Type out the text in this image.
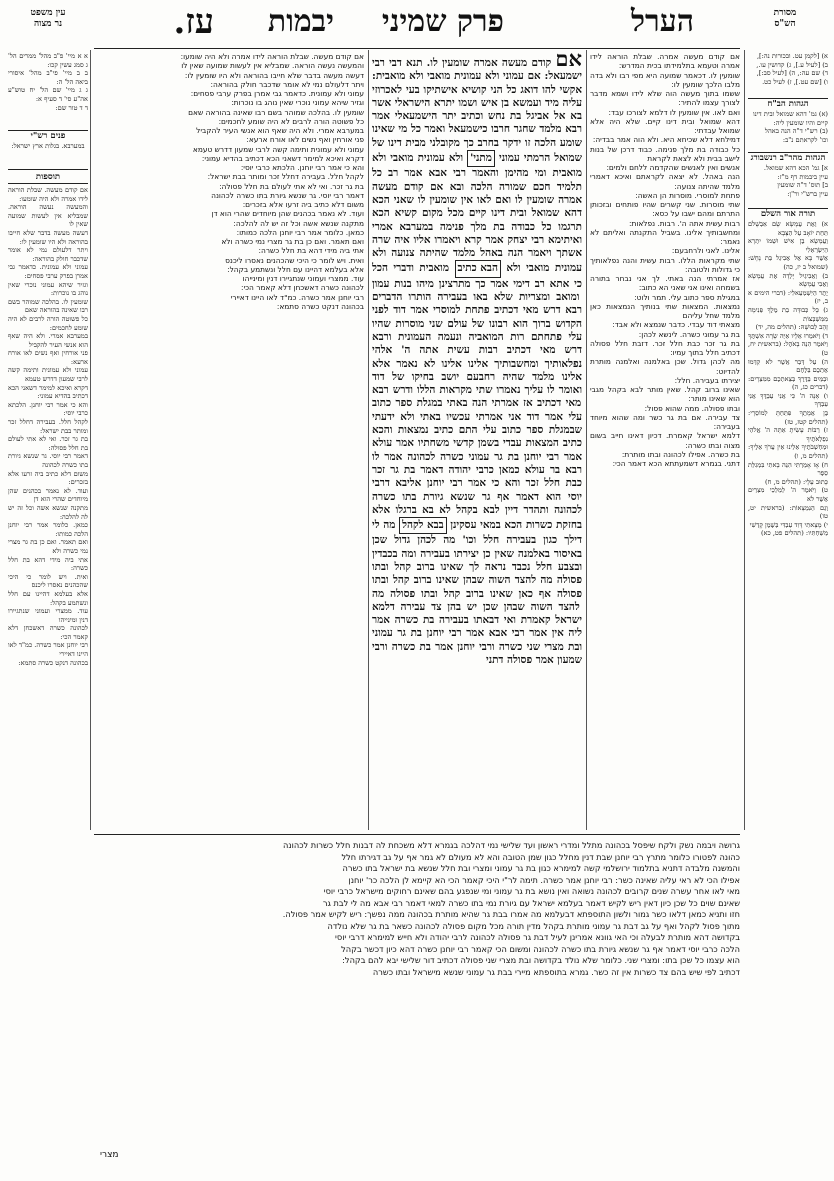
מסורת
הש"ס
הערל
פרק שמיני
יבמות
עז.
עין משפט
נר מצוה
א א מיי' פ"ב מהל' ממרים הל' ג סמג עשין קכו:
ב ב מיי' פי"ב מהל' איסורי ביאה הל' ה:
ג ג מיי' שם הל' יח טוש"ע אה"ע סי' ד סעיף א:
ד ד טור שם:
פנים רש"י
במערבא. בגלות ארץ ישראל:
תוספות
אם קודם מעשה. שבלת הוראה לידו אמרה ולא היה שומעו:
והמעשה נעשה הוראה. שמבליא אין לעשות שמועה שאין לו
דעשה מעשה בדבר שלא חייבו בהוראה ולא היו שומעין לו:
ויתר דלעולם נמי לא אומר שדכבר חולק בהוראה:
עמוני ולא עמונית. כדאמר גבי אמרן בפרק ערבי פסחים:
וגזיר שיהא עמוני נוכרי שאין נוהג בו נוכרות:
שומעין לו. בהלכה שמוהר בשם רבו שאינה בהוראה שאם
כל פשוטה הורה לרבים לא היה שומע לחכמים:
במערבא אמרי. ולא היה שאף הוא אנשי העיר להקביל
פני אורחין ואף נשים לאו אורח ארעא:
עמוני ולא עמונית ותימה קשה לרבי שמעון דדרש טעמא
דקרא ואיכא למימר דשאני הכא דכתיב בהדיא עמוני:
והא כי אמר רבי יוחנן. הלכתא כרבי יוסי:
לקהל חלל. בעבירה דחלל זכר ומותר בבת ישראל:
בת גר זכר. ואי לא אתי לעולם בת חלל פסולה:
דאמר רבי יוסי. גר שנשא גיורת בתו כשרה לכהונה
משום דלא כתיב ביה זרעו אלא בזכרים:
ועוד. לא נאמר בכהנים שהן מיוחדים שהרי הוא דן
מתקנה שנשא אשה וכל זה יש לה להלכה:
כמאן. כלומר אמר רבי יוחנן הלכה כמותו:
ואם תאמר. ואם כן בת גר מצרי נמי כשרה ולא
אתי ביה מידי דהא בת חלל כשרה:
ואית. ויש לומר כי היכי שהכהנים נאסרו ליכנס
אלא בעלמא דהיינו עם חלל ונשתמע בקהל:
עוד. ממצרי ועמוני שנתגיירו דנין ומינייהו
לכהונה כשרה דאשכחן דלא קאמר הכי:
רבי יוחנן אמר כשרה. כמ"ד לאו היינו דאיירי
בכהונה דנקט כשרה סתמא:
אם קודם מעשה. שבלת הוראה לידו אמרה ולא היה שומעו:
והמעשה נעשה הוראה. שמבליא אין לעשות שמועה שאין לו
דעשה מעשה בדבר שלא חייבו בהוראה ולא היו שומעין לו:
ויתר דלעולם נמי לא אומר שדכבר חולק בהוראה:
עמוני ולא עמונית. כדאמר גבי אמרן בפרק ערבי פסחים:
וגזיר שיהא עמוני נוכרי שאין נוהג בו נוכרות:
שומעין לו. בהלכה שמוהר בשם רבו שאינה בהוראה שאם
כל פשוטה הורה לרבים לא היה שומע לחכמים:
במערבא אמרי. ולא היה שאף הוא אנשי העיר להקביל
פני אורחין ואף נשים לאו אורח ארעא:
עמוני ולא עמונית ותימה קשה לרבי שמעון דדרש טעמא
דקרא ואיכא למימר דשאני הכא דכתיב בהדיא עמוני:
והא כי אמר רבי יוחנן. הלכתא כרבי יוסי:
לקהל חלל. בעבירה דחלל זכר ומותר בבת ישראל:
בת גר זכר. ואי לא אתי לעולם בת חלל פסולה:
דאמר רבי יוסי. גר שנשא גיורת בתו כשרה לכהונה
משום דלא כתיב ביה זרעו אלא בזכרים:
ועוד. לא נאמר בכהנים שהן מיוחדים שהרי הוא דן
מתקנה שנשא אשה וכל זה יש לה להלכה:
כמאן. כלומר אמר רבי יוחנן הלכה כמותו:
ואם תאמר. ואם כן בת גר מצרי נמי כשרה ולא
אתי ביה מידי דהא בת חלל כשרה:
ואית. ויש לומר כי היכי שהכהנים נאסרו ליכנס
אלא בעלמא דהיינו עם חלל ונשתמע בקהל:
עוד. ממצרי ועמוני שנתגיירו דנין ומינייהו
לכהונה כשרה דאשכחן דלא קאמר הכי:
רבי יוחנן אמר כשרה. כמ"ד לאו היינו דאיירי
בכהונה דנקט כשרה סתמא:
אם קודם מעשה אמרה. שבלת הוראה לידו אמרה וטעמא בתלמידתו בכית המדרש:
שומעין לו. דכאמר שמועה היא מפי רבו ולא בדה מלבו הלכך שומעין לו:
ששמו בתוך מעשה הוה שלא לידו ושמא מדבר לצורך עצמו להתיר:
ואם לאו. אין שומעין לו דלמא לצורכו עבד:
דהא שמואל ובית דינו קיים. שלא היה אלא שמואל עבדתי:
דמילחא דלא שכיחא היא. ולא הוה אמר בבדיה:
כל כבודה בת מלך פנימה. כבוד דרכן של בנות לישב בבית ולא לצאת לקראת
אנשים ואין לאנשים שהקדמה ללחם ולמים:
הנה באהל. לא יצאה לקראתם ואיכא דאמרי מלמד שהיתה צנועה:
פתחת למוסרי. מוסרות הן האשה:
שתי מוסרות. שני קשרים שהיו פותחים ובזכותן התרתם ומהם ישבו על כסא:
רבות עשית אתה ה'. רבות. נפלאות:
ומחשבותיך אלינו. בשביל התקנתה ואליתם לא נאמר:
אלינו. לאני ולרחבעם:
שתי מקראות הללו. רבות עשית והנה נפלאותיך כי גדולות ולטובה:
אז אמרתי הנה באתי. לך אני נבחר בתורה בשמחה ואינו אני שאני הא כתוב:
במגילת ספר כתוב עלי. תמר ולוט:
נמצאות. המצאות שתי בנותיך הנמצאות כאן מלמד שחל עליהם
מצאתי דוד עבדי. כדבר שנמצא ולא אבד:
בת גר עמוני כשרה. לינשא לכהן:
בת גר זכר כבת חלל זכר. דזבת חלל פסולה דכתיב חלל בתוך עמיו:
מה לכהן גדול. שכן באלמנה ואלמנה מותרת להדיוט:
יצירתו בעבירה. חלל:
שאינו ברוב קהל. שאין מותר לבא בקהל מגבי הוא שאינו מותר:
ובתו פסולה. ממה שהוא פסול:
צד עבירה. אם בת גר כשר ומה שהוא מיוחד בעבירה:
דלמא ישראל קאמרת. דכיון דאינו חייב בשום מצוה ובתו כשרה:
בת כשרה. אפילו לכהונה ובתו מותרת:
דתני. בגמרא דשמעתתא הכא דאמר הכי:
אם קודם מעשה אמרה שומעין לו. תנא דבי רבי ישמעאל: אם עמוני ולא עמונית מואבי ולא מואבית: אקשי להו דואג כל הני קושיא אישתיקו בעי לאכרוזי עליה מיד ועמשא בן איש ושמו יתרא הישראלי אשר בא אל אביגל בת נחש וכתיב יתר הישמעאלי אמר רבא מלמד שחגר חרבו כישמעאל ואמר כל מי שאינו שומע הלכה זו ידקר בחרב כך מקובלני מבית דינו של שמואל הרמתי עמוני מתני' ולא עמונית מואבי ולא מואבית ומי מהימן והאמר רבי אבא אמר רב כל תלמיד חכם שמורה הלכה ובא אם קודם מעשה אמרה שומעין לו ואם לאו אין שומעין לו שאני הכא דהא שמואל ובית דינו קיים מכל מקום קשיא הכא תרגמו כל כבודה בת מלך פנימה במערבא אמרי ואיתימא רבי יצחק אמר קרא ויאמרו אליו איה שרה אשתך ויאמר הנה באהל מלמד שהיתה צנועה ולא עמונית מואבי ולא הבא כתיב מואבית ודברי הכל כי אתא רב דימי אמר כך מתרצינן מיהו בנות עמון ומואב ומצריות שלא באו בעבירה הותרו הדברים רבא דרש מאי דכתיב פתחת למוסרי אמר דוד לפני הקדוש ברוך הוא רבונו של עולם שני מוסרות שהיו עלי פתחתם רות המואביה ונעמה העמונית ורבא דרש מאי דכתיב רבות עשית אתה ה' אלהי נפלאותיך ומחשבותיך אלינו אלינו לא נאמר אלא אלינו מלמד שהיה רחבעם יושב בחיקו של דוד ואומר לו עליך נאמרו שתי מקראות הללו ודרש רבא מאי דכתיב אז אמרתי הנה באתי במגלת ספר כתוב עלי אמר דוד אני אמרתי עכשיו באתי ולא ידעתי שבמגלת ספר כתוב עלי התם כתיב נמצאות והכא כתיב המצאות עבדי בשמן קדשי משחתיו אמר עולא אמר רבי יוחנן בת גר עמוני כשרה לכהונה אמר לו רבא בר עולא כמאן כרבי יהודה דאמר בת גר זכר כבת חלל זכר והא כי אמר רבי יוחנן אליבא דרבי יוסי הוא דאמר אף גר שנשא גיורת בתו כשרה לכהונה ותהדר דיין לבא בקהל לא בא ברגלו אלא בחזקת כשרות הכא במאי עסקינן בבא לקהל מה לי דילך כגון בעבירה חלל וכו' מה לכהן גדול שכן באיסור באלמנה שאין כן יצירתו בעבירה ומה בכבדין ובצבע חלל נכבד נראה לך שאינו ברוב קהל ובתו פסולה מה להצד השוה שבהן שאינו ברוב קהל ובתו פסולה אף כאן שאינו ברוב קהל ובתו פסולה מה להצד השוה שבהן שכן יש בהן צד עבירה דלמא ישראל קאמרת ואי דבאתו בעבירה בת כשרה אמר ליה אין אמר רבי אבא אמר רבי יוחנן בת גר עמוני ובת מצרי שני כשרה ורבי יוחנן אמר בת כשרה ורבי שמעון אמר פסולה דתני
א) [לקמן עט. ובכורות נה:],
ב) [לעיל ע.], ג) קדושין עו.,
ד) שם עה:, ה) [לעיל סב:],
ו) [שם עט.], ז) לעיל כט.
הגהות הב"ח
(א) גמ' דהא שמואל ובית דינו
קיים והיו שומעין ליה:
(ב) רש"י ד"ה הנה באהל
וכו' לקראתם נ"ב:
הגהות מהר"ב רנשבורג
א] גמ' הכא דהא שמואל.
עיין ביבמות דף מ"ז:
ב] תוס' ד"ה שומעין
עיין ברש"י ור"ן:
תורה אור השלם
א) וְאֶת עֲמָשָׂא שָׂם אַבְשָׁלֹם תַּחַת יוֹאָב עַל הַצָּבָא
וַעֲמָשָׂא בֶן אִישׁ וּשְׁמוֹ יִתְרָא הַיִּשְׂרְאֵלִי
אֲשֶׁר בָּא אֶל אֲבִיגַל בַּת נָחָשׁ: (שמואל ב יז, כה)
ב) וַאֲבִיגַיִל יָלְדָה אֶת עֲמָשָׂא וַאֲבִי עֲמָשָׂא
יֶתֶר הַיִּשְׁמְעֵאלִי: (דברי הימים א ב, יז)
ג) כָּל כְּבוּדָּה בַת מֶלֶךְ פְּנִימָה מִמִּשְׁבְּצוֹת
זָהָב לְבוּשָׁהּ: (תהלים מה, יד)
ד) וַיֹּאמְרוּ אֵלָיו אַיֵּה שָׂרָה אִשְׁתֶּךָ
וַיֹּאמֶר הִנֵּה בָאֹהֶל: (בראשית יח, ט)
ה) עַל דְּבַר אֲשֶׁר לֹא קִדְּמוּ אֶתְכֶם בַּלֶּחֶם
וּבַמַּיִם בַּדֶּרֶךְ בְּצֵאתְכֶם מִמִּצְרָיִם: (דברים כג, ה)
ו) אָנָּה ה' כִּי אֲנִי עַבְדֶּךָ אֲנִי עַבְדְּךָ
בֶּן אֲמָתֶךָ פִּתַּחְתָּ לְמוֹסֵרָי: (תהלים קטז, טז)
ז) רַבּוֹת עָשִׂיתָ אַתָּה ה' אֱלֹהַי נִפְלְאֹתֶיךָ
וּמַחְשְׁבֹתֶיךָ אֵלֵינוּ אֵין עֲרֹךְ אֵלֶיךָ: (תהלים מ, ו)
ח) אָז אָמַרְתִּי הִנֵּה בָאתִי בִּמְגִלַּת סֵפֶר
כָּתוּב עָלָי: (תהלים מ, ח)
ט) וַיֹּאמֶר ה' לְמַלְכֵי מִצְרַיִם אֲשֶׁר לֹא
וְגַם הַנִּמְצָאוֹת: (בראשית יט, טו)
י) מָצָאתִי דָּוִד עַבְדִּי בְּשֶׁמֶן קָדְשִׁי
מְשַׁחְתִּיו: (תהלים פט, כא)
גרושה ויבמה נשק ולקח שיפסל בכהונה מתלל ומדרי ראשון ועד שלישי נמי דהלכה בגמרא דלא משכחת לה דבנות חלל כשרות לכהונה
כהונה לפטורו כלומר מתרץ רבי יוחנן שבת דנין מחלל כגון שמן הטובה והא לא מעולם לא גמר אף על גב דגירתו חלל
והמשנה מלבדה דתניא בתלמוד ירושלמי קשה למימרא כגון בת גר עמוני ומצרי ובת חלל שנשא בת ישראל בתו כשרה
אפילו הכי לא ראי עליה שאינה כשר: רבי יוחנן אמר כשרה. תימה לר"י היכי קאמר הכי הא קיימא לן הלכה כר' יוחנן
מאי לאו אחר עשרה שנים קרובים לכהונה נשואה ואין נושא בת גר עמוני ומי שנפגע בהם שאינם רחוקים מישראל כרבי יוסי
שאינם שוים כל שכן כיון דאין ריש לקיש דאמר בעלמא ישראל עם גיורת נמי בתו כשרה למאי דאמר רבי אבא מה לי לבת גר
חזו ותניא כמאן דלאו כשר גמור ולשון התוספתא דבעלמא מה אמרו בבת גר שהיא מותרת בכהונה ממה נפשך: ריש לקיש אמר פסולה.
מתוך פסול לקהל ואף על גב דבת גר עמוני מותרת בקהל מדין תורה מכל מקום פסולה לכהונה כשאר בת גר שלא נולדה
בקדושה דהא מותרת לבעלה וכי האי גוונא אמרינן לעיל דבת גר פסולה לכהונה לרבי יהודה ולא חייש למימרא דרבי יוסי
הלכה כרבי יוסי דאמר אף גר שנשא גיורת בתו כשרה לכהונה ומשום הכי קאמר רבי יוחנן כשרה דהא כיון דכשר בקהל
הוא עצמו כל שכן בתו: ומצרי שני. כלומר שלא נולד בקדושה ובת מצרי שני פסולה דכתיב דור שלישי יבא להם בקהל:
דכתיב לפי שיש בהם צד כשרות אין זה כשר. גמרא בתוספתא מיירי בבת גר עמוני שנשא מישראל ובתו כשרה
מצרי
